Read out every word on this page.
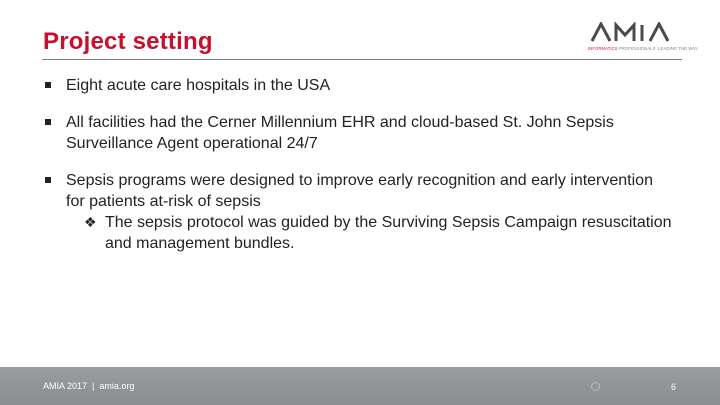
Project setting	INFORMATICS PROFESSIONALS. LEADING THE WAY.
Eight acute care hospitals in the USA
All facilities had the Cerner Millennium EHR and cloud-based St. John Sepsis Surveillance Agent operational 24/7
Sepsis programs were designed to improve early recognition and early intervention for patients at-risk of sepsis
❖ The sepsis protocol was guided by the Surviving Sepsis Campaign resuscitation and management bundles.
AMIA 2017 | amia.org	6
